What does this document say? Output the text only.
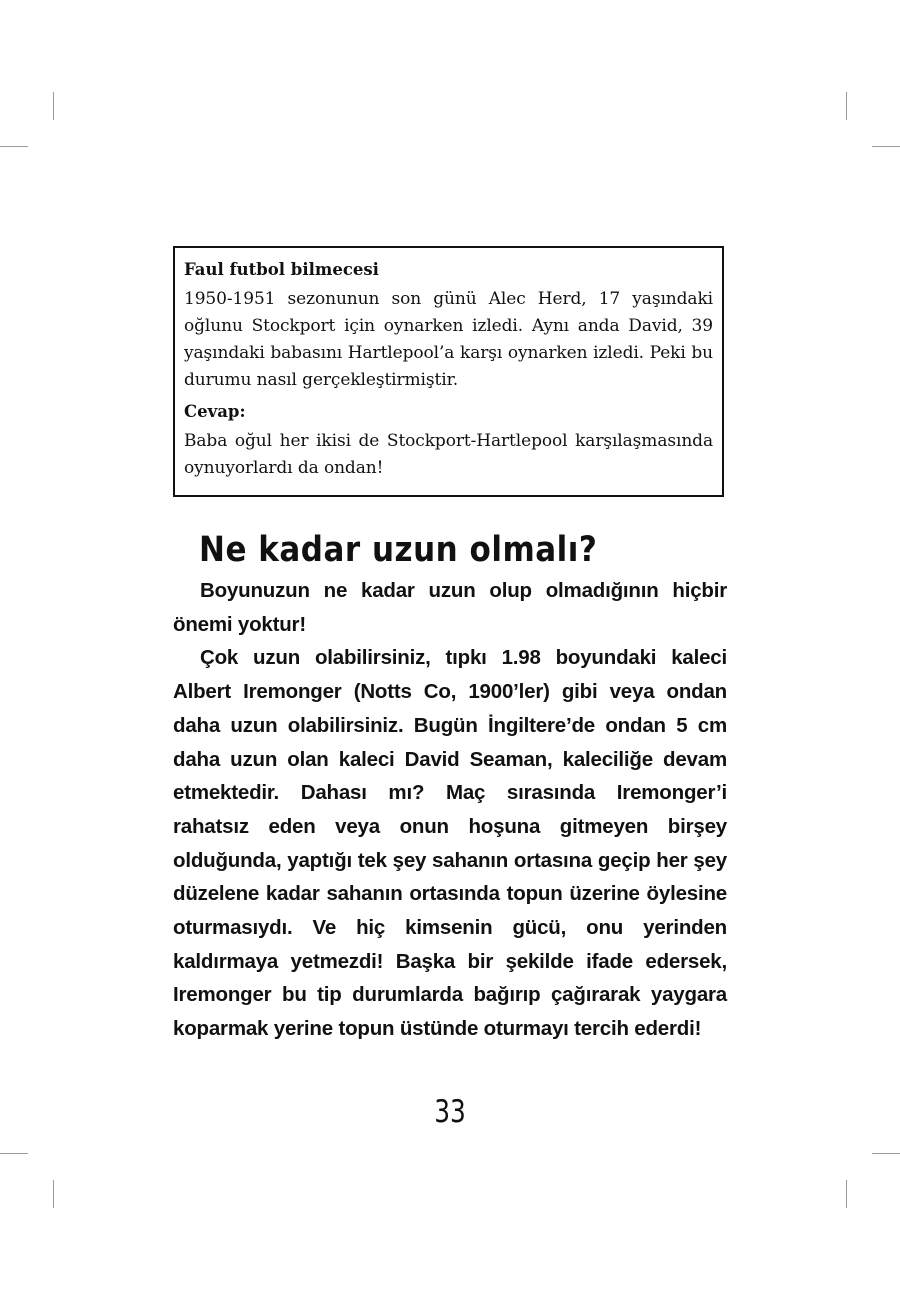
Faul futbol bilmecesi

1950-1951 sezonunun son günü Alec Herd, 17 yaşındaki oğlunu Stockport için oynarken izledi. Aynı anda David, 39 yaşındaki babasını Hartlepool’a karşı oynarken izledi. Peki bu durumu nasıl gerçekleştirmiştir.

Cevap:

Baba oğul her ikisi de Stockport-Hartlepool karşılaşmasında oynuyorlardı da ondan!

Ne kadar uzun olmalı?

Boyunuzun ne kadar uzun olup olmadığının hiçbir önemi yoktur!

Çok uzun olabilirsiniz, tıpkı 1.98 boyundaki kaleci Albert Iremonger (Notts Co, 1900’ler) gibi veya ondan daha uzun olabilirsiniz. Bugün İngiltere’de ondan 5 cm daha uzun olan kaleci David Seaman, kaleciliğe devam etmektedir. Dahası mı? Maç sırasında Iremonger’i rahatsız eden veya onun hoşuna gitmeyen birşey olduğunda, yaptığı tek şey sahanın ortasına geçip her şey düzelene kadar sahanın ortasında topun üzerine öylesine oturmasıydı. Ve hiç kimsenin gücü, onu yerinden kaldırmaya yetmezdi! Başka bir şekilde ifade edersek, Iremonger bu tip durumlarda bağırıp çağırarak yaygara koparmak yerine topun üstünde oturmayı tercih ederdi!

33
